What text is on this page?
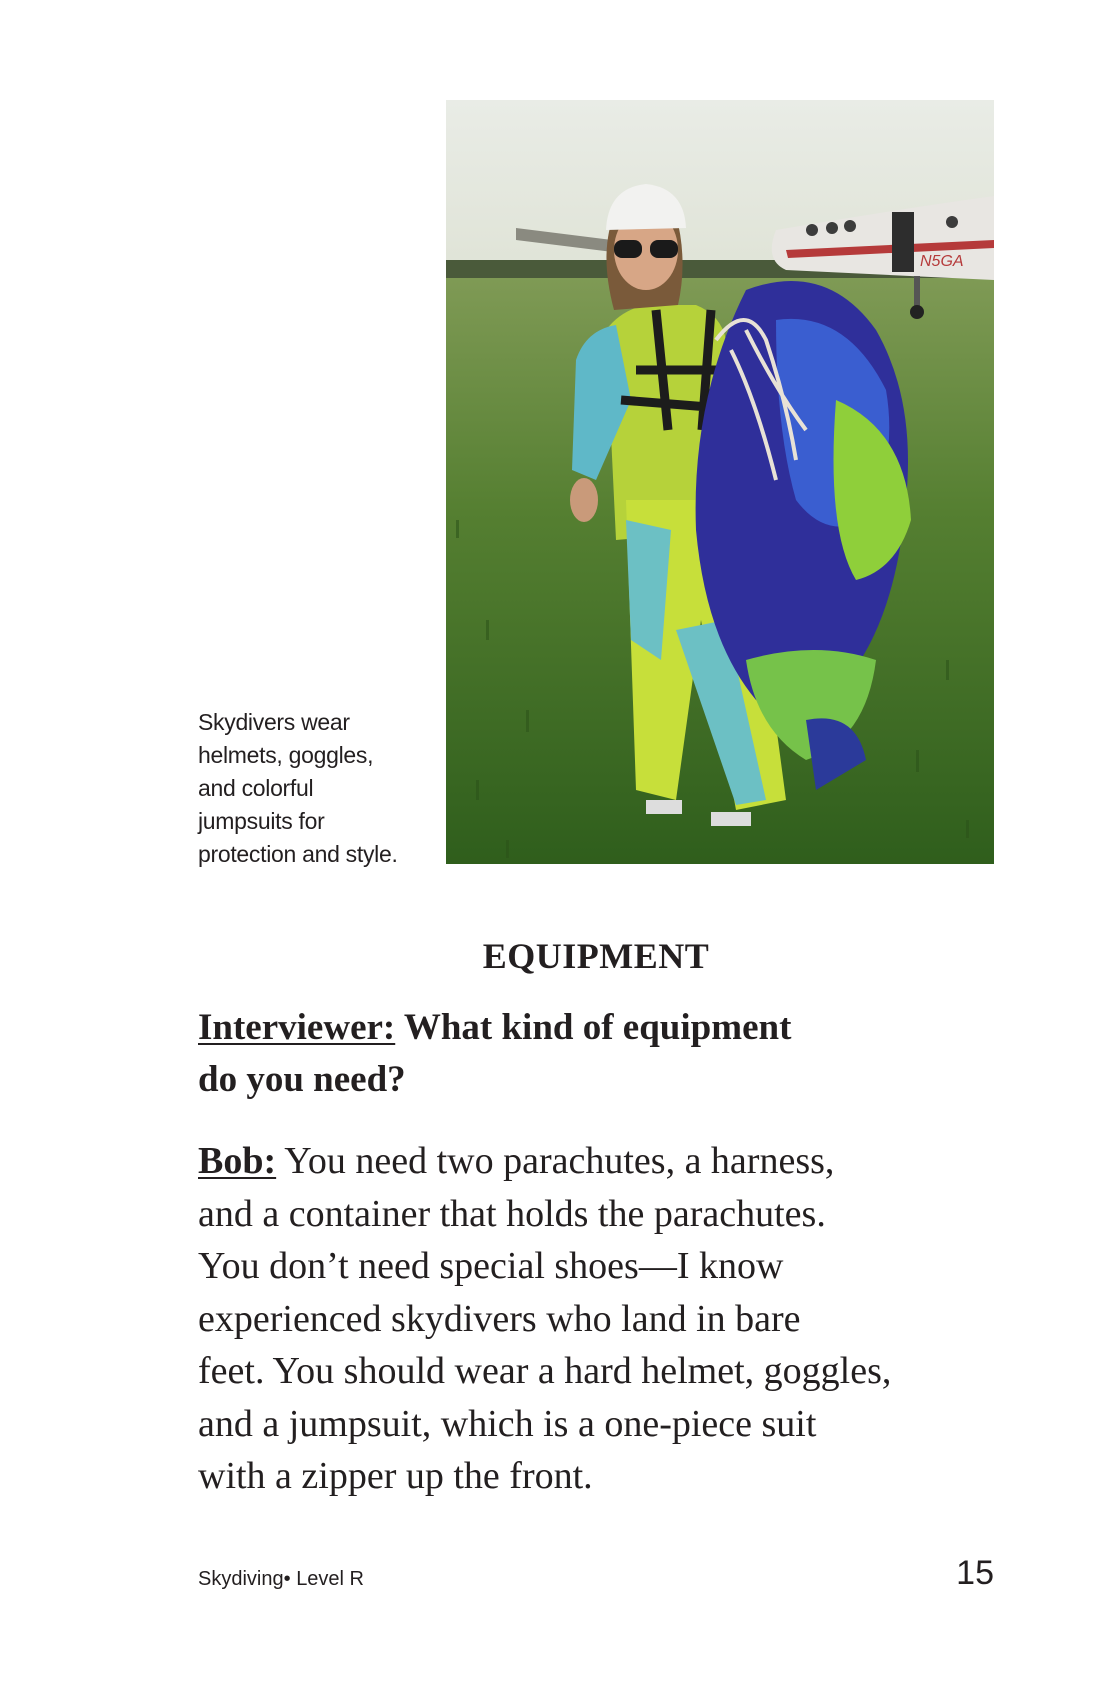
Skydivers wear
helmets, goggles,
and colorful
jumpsuits for
protection and style.
N5GA
EQUIPMENT
Interviewer: What kind of equipment
do you need?
Bob: You need two parachutes, a harness,
and a container that holds the parachutes.
You don’t need special shoes—I know
experienced skydivers who land in bare
feet. You should wear a hard helmet, goggles,
and a jumpsuit, which is a one-piece suit
with a zipper up the front.
Skydiving• Level R	15
